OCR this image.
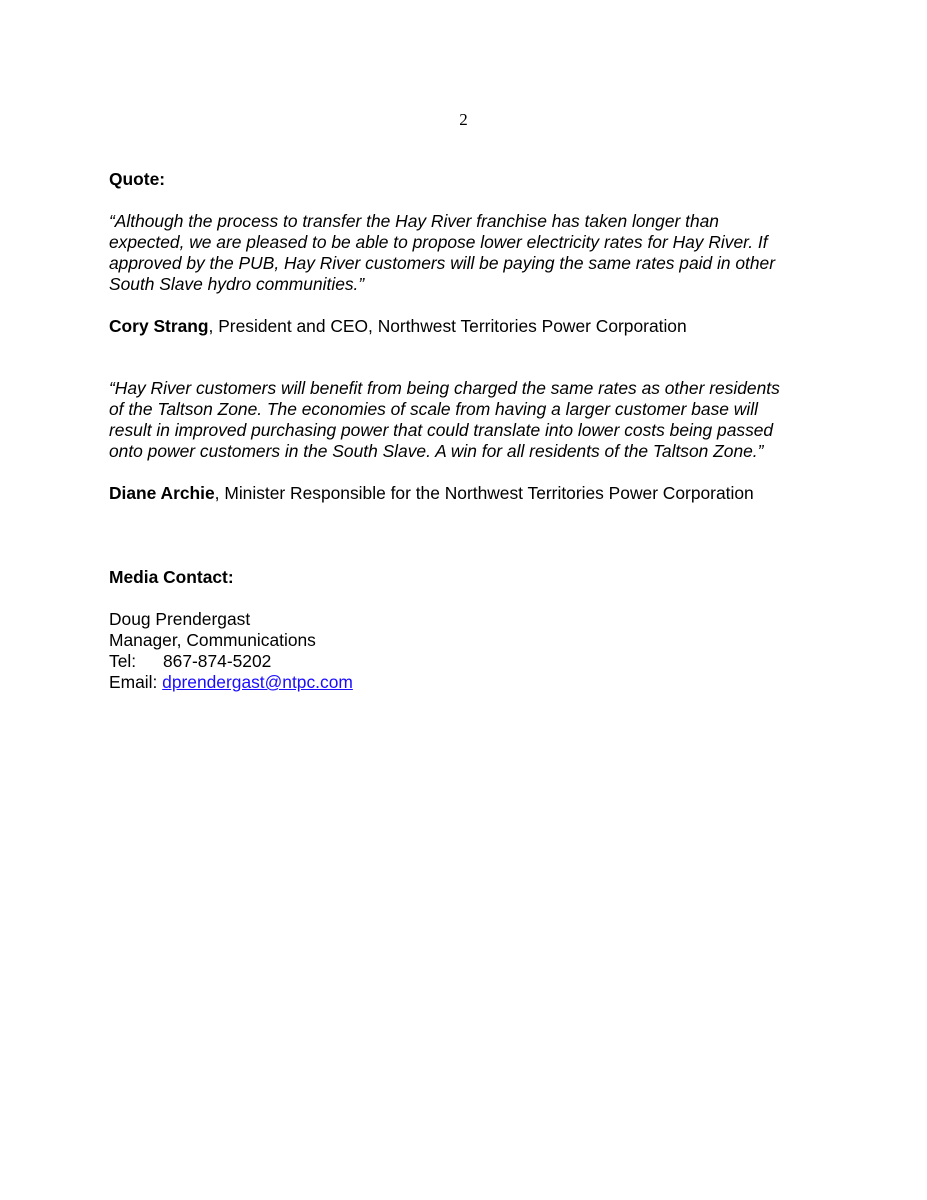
2

Quote:

“Although the process to transfer the Hay River franchise has taken longer than
expected, we are pleased to be able to propose lower electricity rates for Hay River. If
approved by the PUB, Hay River customers will be paying the same rates paid in other
South Slave hydro communities.”

Cory Strang, President and CEO, Northwest Territories Power Corporation

“Hay River customers will benefit from being charged the same rates as other residents
of the Taltson Zone. The economies of scale from having a larger customer base will
result in improved purchasing power that could translate into lower costs being passed
onto power customers in the South Slave. A win for all residents of the Taltson Zone.”

Diane Archie, Minister Responsible for the Northwest Territories Power Corporation

Media Contact:

Doug Prendergast
Manager, Communications
Tel: 867-874-5202
Email: dprendergast@ntpc.com
